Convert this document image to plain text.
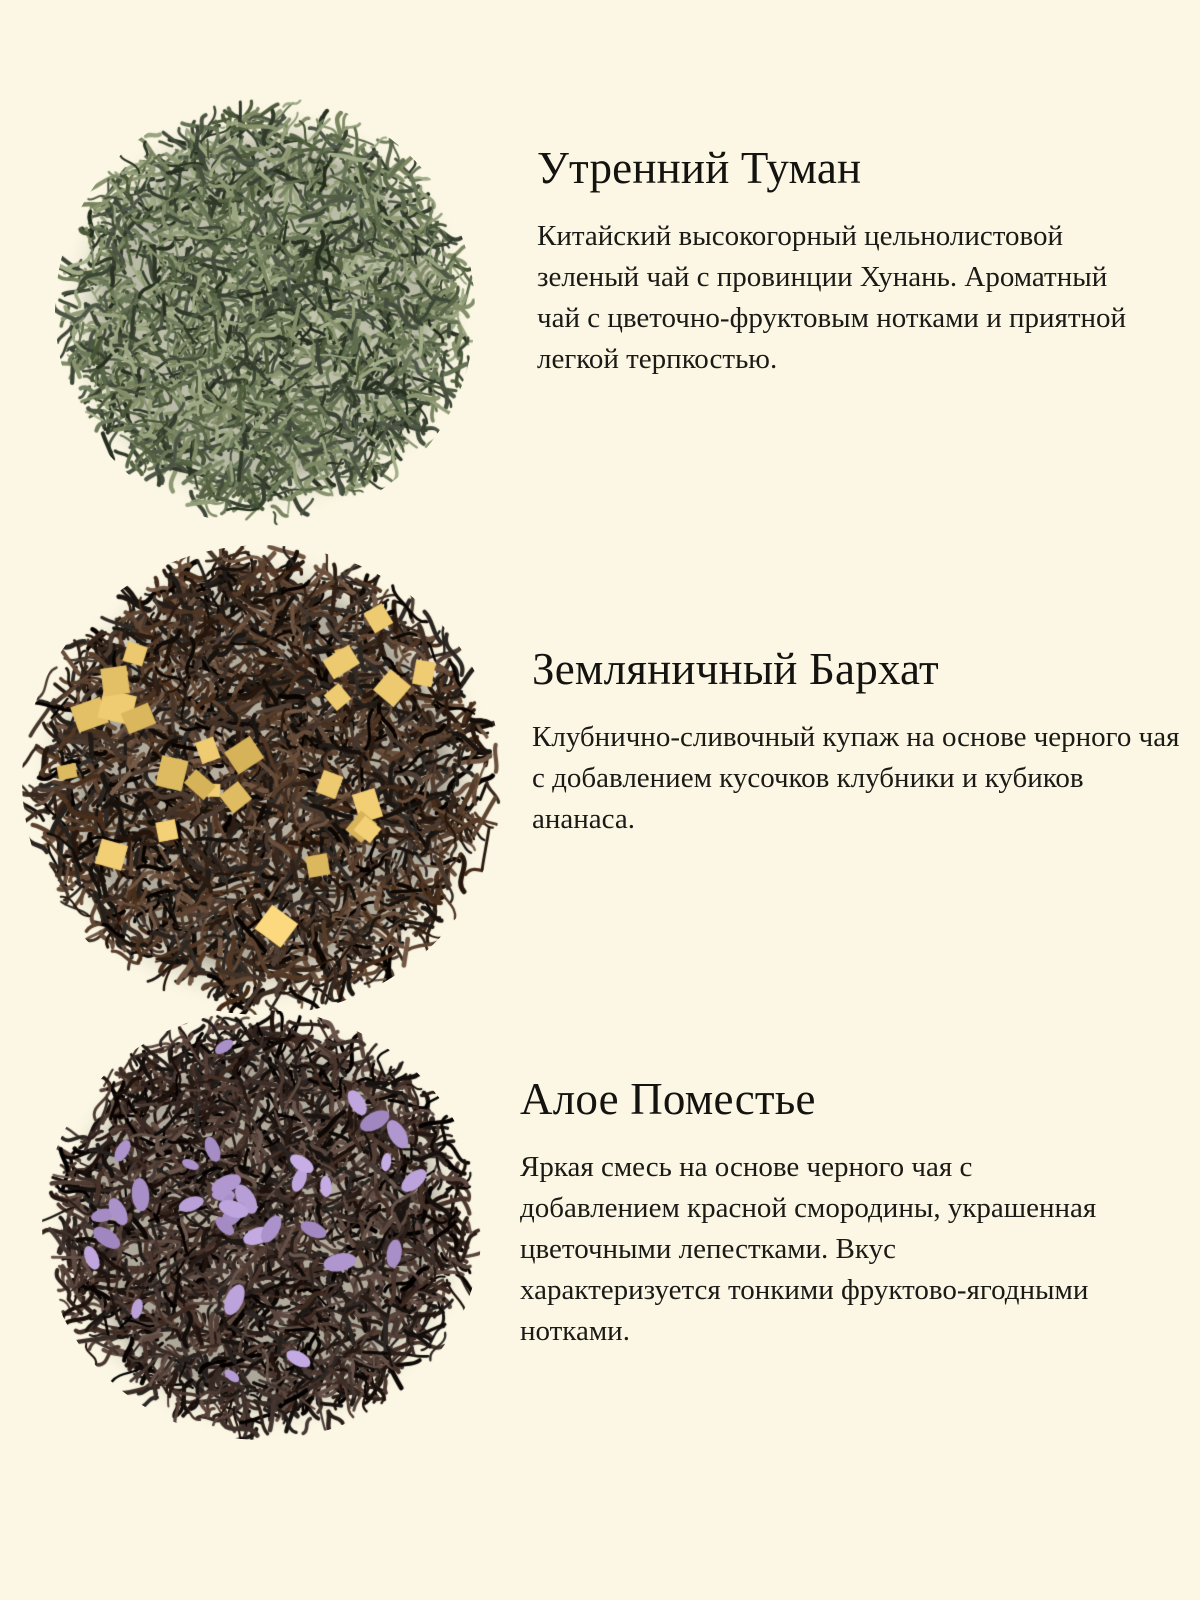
Утренний Туман

Китайский высокогорный цельнолистовой зеленый чай с провинции Хунань. Ароматный чай с цветочно-фруктовым нотками и приятной легкой терпкостью.

Земляничный Бархат

Клубнично-сливочный купаж на основе черного чая с добавлением кусочков клубники и кубиков ананаса.

Алое Поместье

Яркая смесь на основе черного чая с добавлением красной смородины, украшенная цветочными лепестками. Вкус характеризуется тонкими фруктово-ягодными нотками.
